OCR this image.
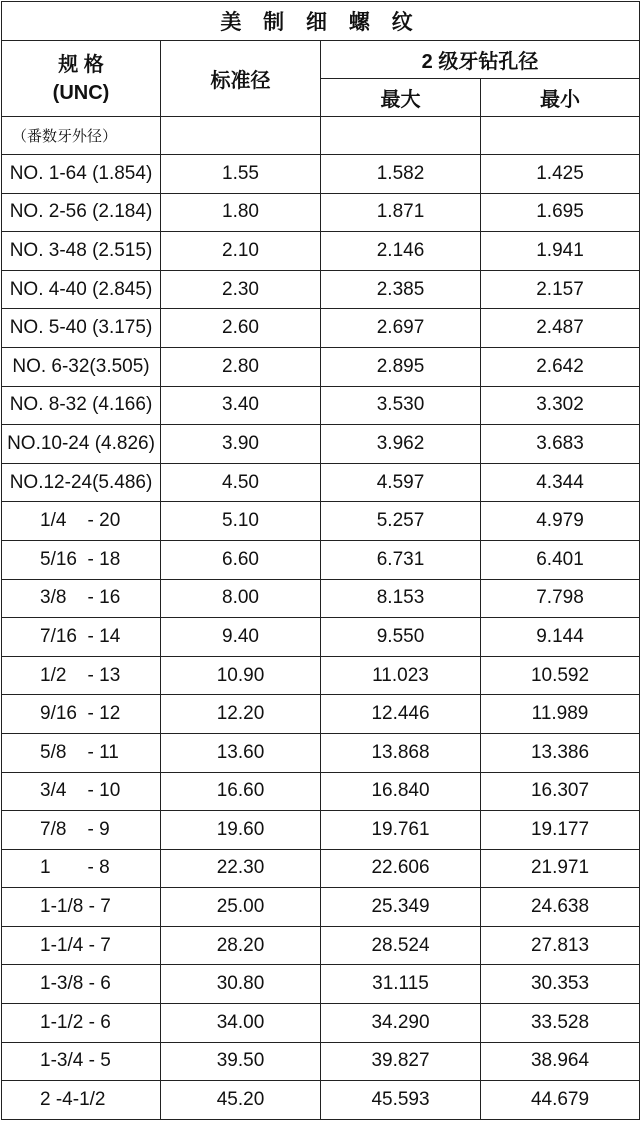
美 制 细 螺 纹			

规 格
(UNC)	标准径	2 级牙钻孔径	
		最大	最小
（番数牙外径）			
NO. 1-64 (1.854)	1.55	1.582	1.425
NO. 2-56 (2.184)	1.80	1.871	1.695
NO. 3-48 (2.515)	2.10	2.146	1.941
NO. 4-40 (2.845)	2.30	2.385	2.157
NO. 5-40 (3.175)	2.60	2.697	2.487
NO. 6-32(3.505)	2.80	2.895	2.642
NO. 8-32 (4.166)	3.40	3.530	3.302
NO.10-24 (4.826)	3.90	3.962	3.683
NO.12-24(5.486)	4.50	4.597	4.344
1/4    - 20	5.10	5.257	4.979
5/16  - 18	6.60	6.731	6.401
3/8    - 16	8.00	8.153	7.798
7/16  - 14	9.40	9.550	9.144
1/2    - 13	10.90	11.023	10.592
9/16  - 12	12.20	12.446	11.989
5/8    - 11	13.60	13.868	13.386
3/4    - 10	16.60	16.840	16.307
7/8    - 9	19.60	19.761	19.177
1       - 8	22.30	22.606	21.971
1-1/8 - 7	25.00	25.349	24.638
1-1/4 - 7	28.20	28.524	27.813
1-3/8 - 6	30.80	31.115	30.353
1-1/2 - 6	34.00	34.290	33.528
1-3/4 - 5	39.50	39.827	38.964
2 -4-1/2	45.20	45.593	44.679
